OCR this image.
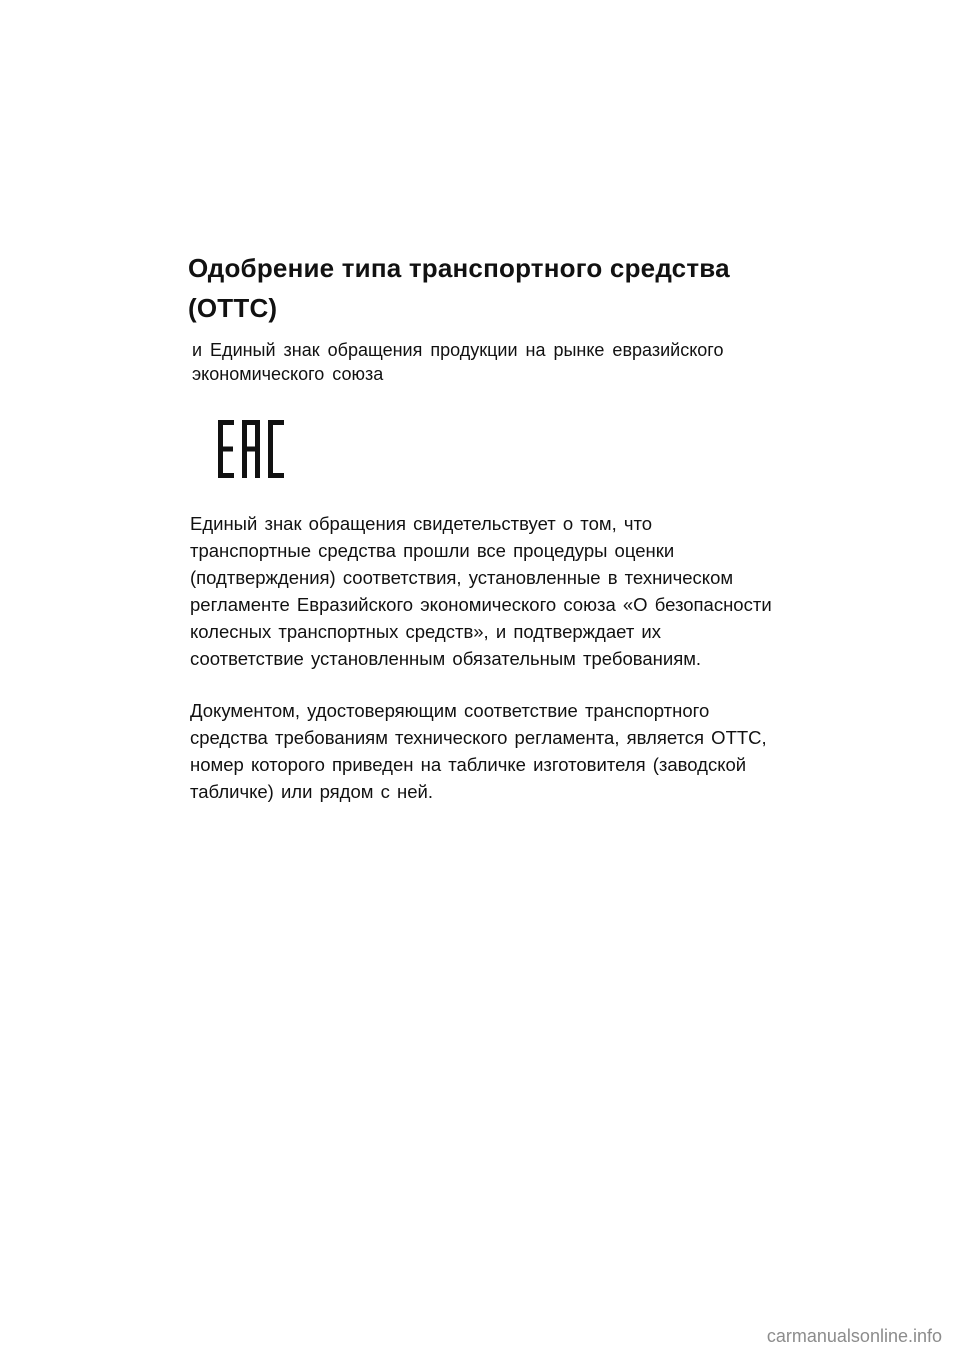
Одобрение типа транспортного средства
(ОТТС)

и Единый знак обращения продукции на рынке евразийского экономического союза

Единый знак обращения свидетельствует о том, что транспортные средства прошли все процедуры оценки (подтверждения) соответствия, установленные в техническом регламенте Евразийского экономического союза «О безопасности колесных транспортных средств», и подтверждает их соответствие установленным обязательным требованиям.

Документом, удостоверяющим соответствие транспортного средства требованиям технического регламента, является ОТТС, номер которого приведен на табличке изготовителя (заводской табличке) или рядом с ней.

carmanualsonline.info
